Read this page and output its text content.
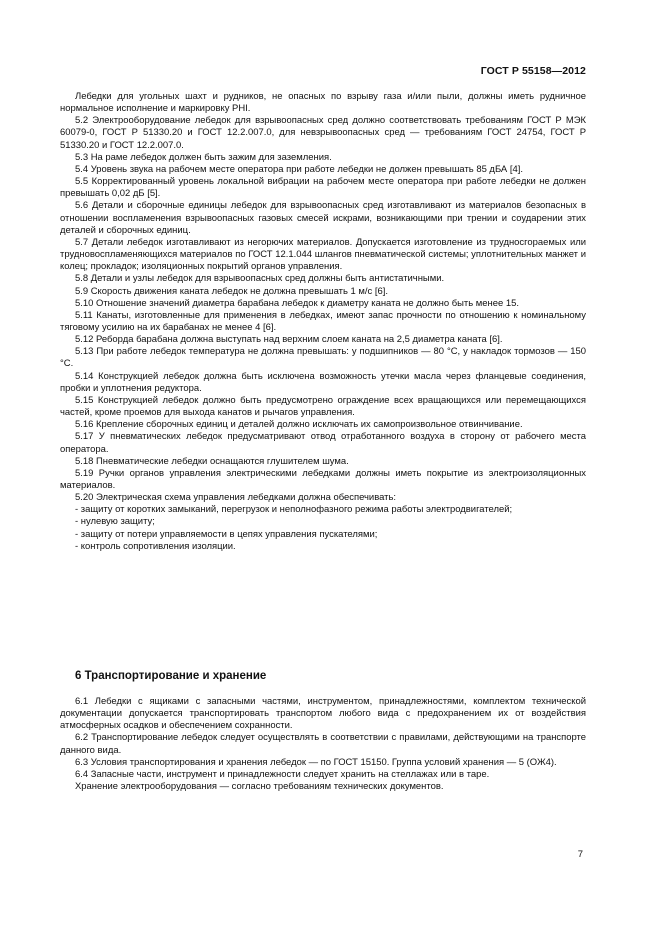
ГОСТ Р 55158—2012

Лебедки для угольных шахт и рудников, не опасных по взрыву газа и/или пыли, должны иметь рудничное нормальное исполнение и маркировку PHI.

5.2 Электрооборудование лебедок для взрывоопасных сред должно соответствовать требованиям ГОСТ Р МЭК 60079-0, ГОСТ Р 51330.20 и ГОСТ 12.2.007.0, для невзрывоопасных сред — требованиям ГОСТ 24754, ГОСТ Р 51330.20 и ГОСТ 12.2.007.0.

5.3 На раме лебедок должен быть зажим для заземления.

5.4 Уровень звука на рабочем месте оператора при работе лебедки не должен превышать 85 дБА [4].

5.5 Корректированный уровень локальной вибрации на рабочем месте оператора при работе лебедки не должен превышать 0,02 дБ [5].

5.6 Детали и сборочные единицы лебедок для взрывоопасных сред изготавливают из материалов безопасных в отношении воспламенения взрывоопасных газовых смесей искрами, возникающими при трении и соударении этих деталей и сборочных единиц.

5.7 Детали лебедок изготавливают из негорючих материалов. Допускается изготовление из трудносгораемых или трудновоспламеняющихся материалов по ГОСТ 12.1.044 шлангов пневматической системы; уплотнительных манжет и колец; прокладок; изоляционных покрытий органов управления.

5.8 Детали и узлы лебедок для взрывоопасных сред должны быть антистатичными.

5.9 Скорость движения каната лебедок не должна превышать 1 м/с [6].

5.10 Отношение значений диаметра барабана лебедок к диаметру каната не должно быть менее 15.

5.11 Канаты, изготовленные для применения в лебедках, имеют запас прочности по отношению к номинальному тяговому усилию на их барабанах не менее 4 [6].

5.12 Реборда барабана должна выступать над верхним слоем каната на 2,5 диаметра каната [6].

5.13 При работе лебедок температура не должна превышать: у подшипников — 80 °С, у накладок тормозов — 150 °С.

5.14 Конструкцией лебедок должна быть исключена возможность утечки масла через фланцевые соединения, пробки и уплотнения редуктора.

5.15 Конструкцией лебедок должно быть предусмотрено ограждение всех вращающихся или перемещающихся частей, кроме проемов для выхода канатов и рычагов управления.

5.16 Крепление сборочных единиц и деталей должно исключать их самопроизвольное отвинчивание.

5.17 У пневматических лебедок предусматривают отвод отработанного воздуха в сторону от рабочего места оператора.

5.18 Пневматические лебедки оснащаются глушителем шума.

5.19 Ручки органов управления электрическими лебедками должны иметь покрытие из электроизоляционных материалов.

5.20 Электрическая схема управления лебедками должна обеспечивать:

- защиту от коротких замыканий, перегрузок и неполнофазного режима работы электродвигателей;

- нулевую защиту;

- защиту от потери управляемости в цепях управления пускателями;

- контроль сопротивления изоляции.

6 Транспортирование и хранение

6.1 Лебедки с ящиками с запасными частями, инструментом, принадлежностями, комплектом технической документации допускается транспортировать транспортом любого вида с предохранением их от воздействия атмосферных осадков и обеспечением сохранности.

6.2 Транспортирование лебедок следует осуществлять в соответствии с правилами, действующими на транспорте данного вида.

6.3 Условия транспортирования и хранения лебедок — по ГОСТ 15150. Группа условий хранения — 5 (ОЖ4).

6.4 Запасные части, инструмент и принадлежности следует хранить на стеллажах или в таре.

Хранение электрооборудования — согласно требованиям технических документов.

7
